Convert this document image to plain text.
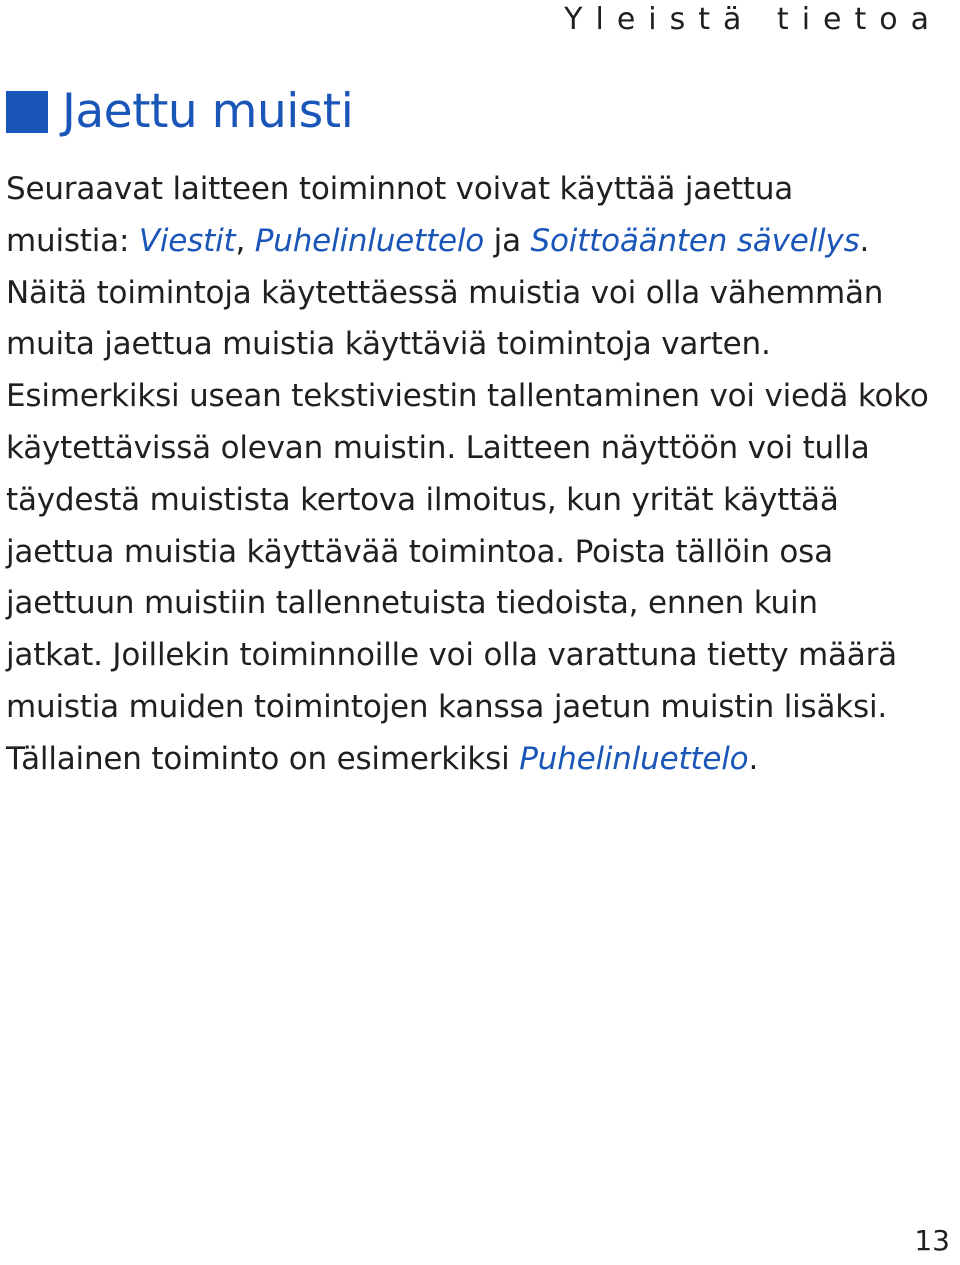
Yleistä tietoa
Jaettu muisti
Seuraavat laitteen toiminnot voivat käyttää jaettua
muistia: Viestit, Puhelinluettelo ja Soittoäänten sävellys.
Näitä toimintoja käytettäessä muistia voi olla vähemmän
muita jaettua muistia käyttäviä toimintoja varten.
Esimerkiksi usean tekstiviestin tallentaminen voi viedä koko
käytettävissä olevan muistin. Laitteen näyttöön voi tulla
täydestä muistista kertova ilmoitus, kun yrität käyttää
jaettua muistia käyttävää toimintoa. Poista tällöin osa
jaettuun muistiin tallennetuista tiedoista, ennen kuin
jatkat. Joillekin toiminnoille voi olla varattuna tietty määrä
muistia muiden toimintojen kanssa jaetun muistin lisäksi.
Tällainen toiminto on esimerkiksi Puhelinluettelo.
13
